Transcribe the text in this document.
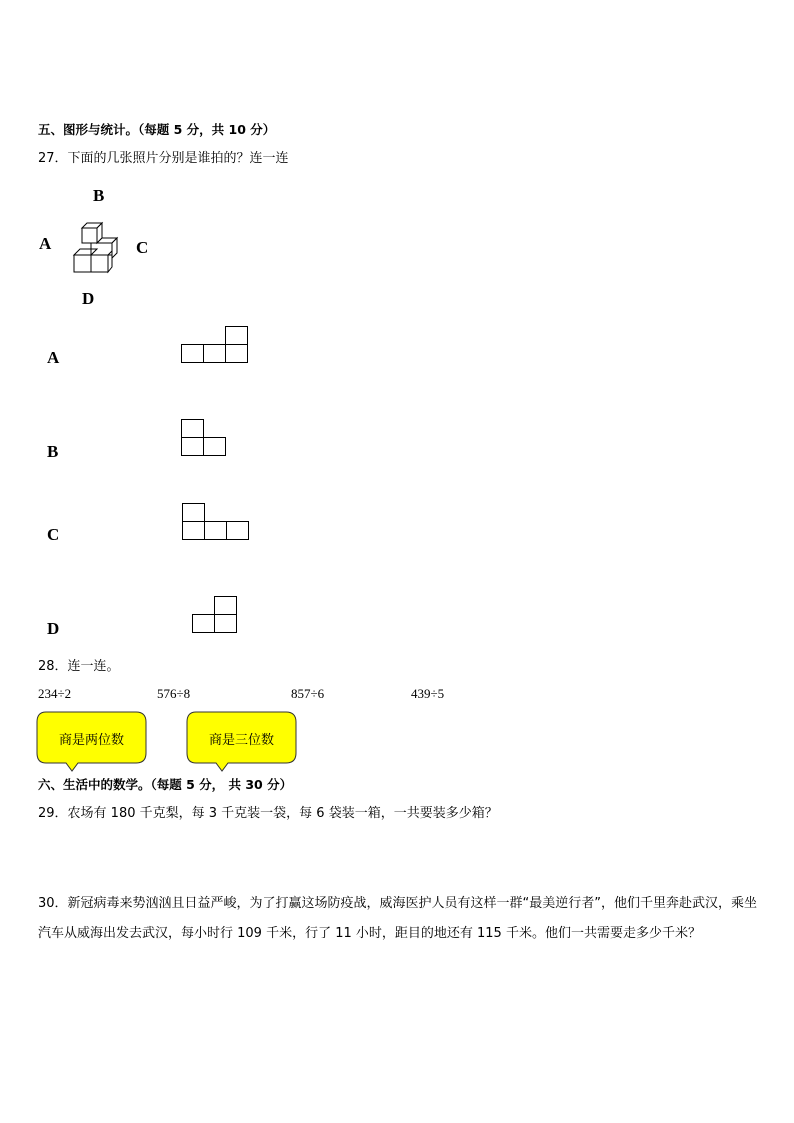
五、图形与统计。（每题 5 分，共 10 分）
27．下面的几张照片分别是谁拍的？连一连
B
A	C
D
A
B
C
D
28．连一连。
234÷2	576÷8	857÷6	439÷5
商是两位数	商是三位数
六、生活中的数学。（每题 5 分， 共 30 分）
29．农场有 180 千克梨，每 3 千克装一袋，每 6 袋装一箱，一共要装多少箱？
30．新冠病毒来势汹汹且日益严峻，为了打赢这场防疫战，威海医护人员有这样一群“最美逆行者”，他们千里奔赴武汉，乘坐汽车从威海出发去武汉，每小时行 109 千米，行了 11 小时，距目的地还有 115 千米。他们一共需要走多少千米？
